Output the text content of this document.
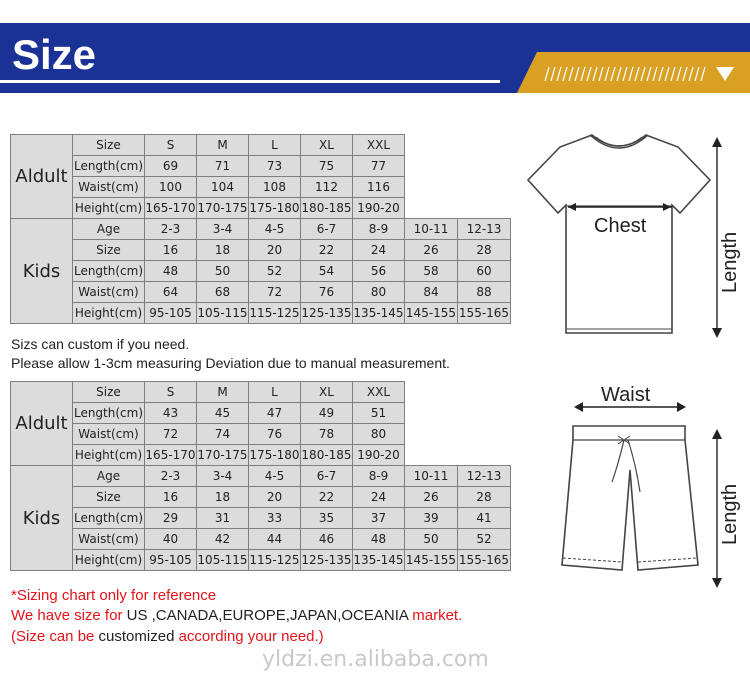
Size
Aldult	Size	S	M	L	XL	XXL		
	Length(cm)	69	71	73	75	77		
	Waist(cm)	100	104	108	112	116		
	Height(cm)	165-170	170-175	175-180	180-185	190-20		
Kids	Age	2-3	3-4	4-5	6-7	8-9	10-11	12-13
	Size	16	18	20	22	24	26	28
	Length(cm)	48	50	52	54	56	58	60
	Waist(cm)	64	68	72	76	80	84	88
	Height(cm)	95-105	105-115	115-125	125-135	135-145	145-155	155-165
Sizs can custom if you need.
Please allow 1-3cm measuring Deviation due to manual measurement.
Aldult	Size	S	M	L	XL	XXL		
	Length(cm)	43	45	47	49	51		
	Waist(cm)	72	74	76	78	80		
	Height(cm)	165-170	170-175	175-180	180-185	190-20		
Kids	Age	2-3	3-4	4-5	6-7	8-9	10-11	12-13
	Size	16	18	20	22	24	26	28
	Length(cm)	29	31	33	35	37	39	41
	Waist(cm)	40	42	44	46	48	50	52
	Height(cm)	95-105	105-115	115-125	125-135	135-145	145-155	155-165
Chest
Length
Waist
Length
*Sizing chart only for reference
We have size for US ,CANADA,EUROPE,JAPAN,OCEANIA market.
(Size can be customized according your need.)
yldzi.en.alibaba.com
